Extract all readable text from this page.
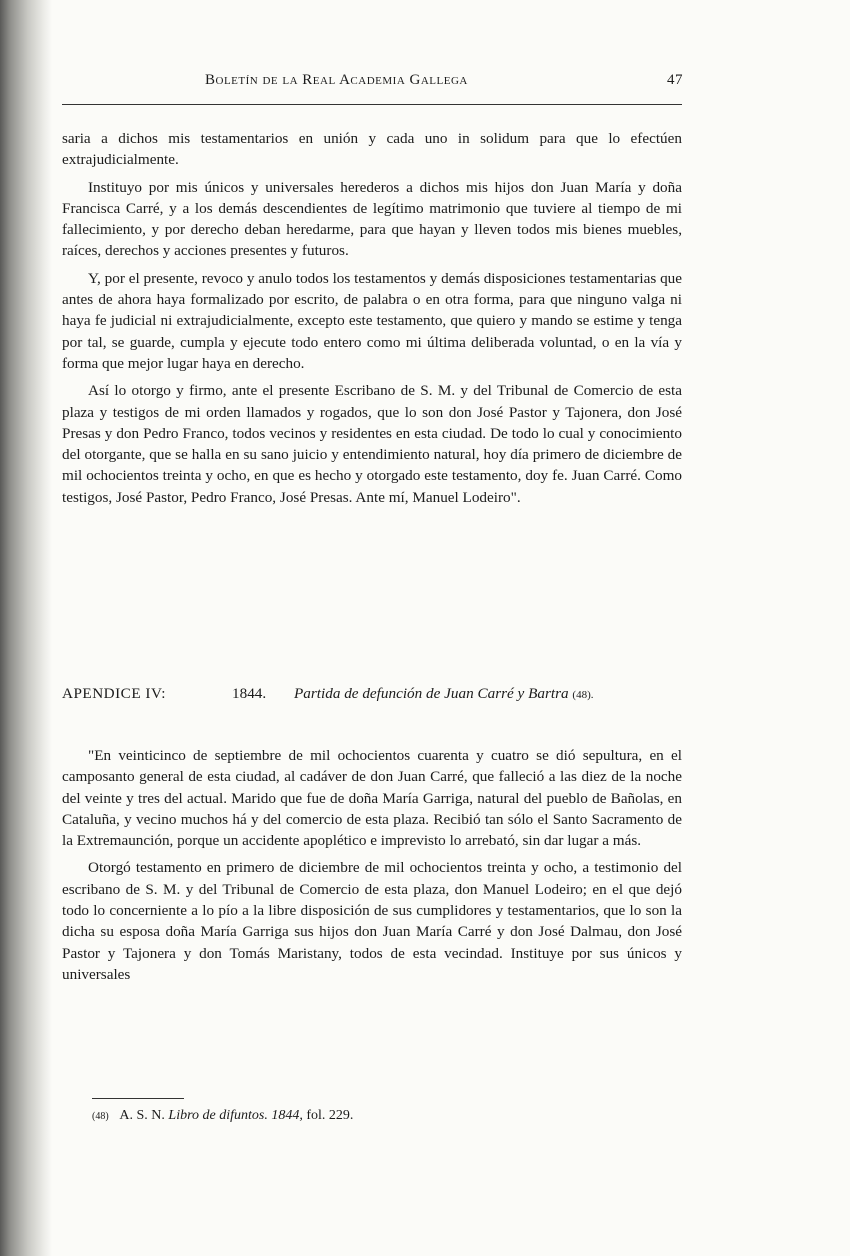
Boletín de la Real Academia Gallega	47

saria a dichos mis testamentarios en unión y cada uno in solidum para que lo efectúen extrajudicialmente.

Instituyo por mis únicos y universales herederos a dichos mis hijos don Juan María y doña Francisca Carré, y a los demás descendientes de legítimo matrimonio que tuviere al tiempo de mi fallecimiento, y por derecho deban heredarme, para que hayan y lleven todos mis bienes muebles, raíces, derechos y acciones presentes y futuros.

Y, por el presente, revoco y anulo todos los testamentos y demás disposiciones testamentarias que antes de ahora haya formalizado por escrito, de palabra o en otra forma, para que ninguno valga ni haya fe judicial ni extrajudicialmente, excepto este testamento, que quiero y mando se estime y tenga por tal, se guarde, cumpla y ejecute todo entero como mi última deliberada voluntad, o en la vía y forma que mejor lugar haya en derecho.

Así lo otorgo y firmo, ante el presente Escribano de S. M. y del Tribunal de Comercio de esta plaza y testigos de mi orden llamados y rogados, que lo son don José Pastor y Tajonera, don José Presas y don Pedro Franco, todos vecinos y residentes en esta ciudad. De todo lo cual y conocimiento del otorgante, que se halla en su sano juicio y entendimiento natural, hoy día primero de diciembre de mil ochocientos treinta y ocho, en que es hecho y otorgado este testamento, doy fe. Juan Carré. Como testigos, José Pastor, Pedro Franco, José Presas. Ante mí, Manuel Lodeiro".

APENDICE IV:	1844. Partida de defunción de Juan Carré y Bartra (48).

"En veinticinco de septiembre de mil ochocientos cuarenta y cuatro se dió sepultura, en el camposanto general de esta ciudad, al cadáver de don Juan Carré, que falleció a las diez de la noche del veinte y tres del actual. Marido que fue de doña María Garriga, natural del pueblo de Bañolas, en Cataluña, y vecino muchos há y del comercio de esta plaza. Recibió tan sólo el Santo Sacramento de la Extremaunción, porque un accidente apoplético e imprevisto lo arrebató, sin dar lugar a más.

Otorgó testamento en primero de diciembre de mil ochocientos treinta y ocho, a testimonio del escribano de S. M. y del Tribunal de Comercio de esta plaza, don Manuel Lodeiro; en el que dejó todo lo concerniente a lo pío a la libre disposición de sus cumplidores y testamentarios, que lo son la dicha su esposa doña María Garriga sus hijos don Juan María Carré y don José Dalmau, don José Pastor y Tajonera y don Tomás Maristany, todos de esta vecindad. Instituye por sus únicos y universales

(48) A. S. N. Libro de difuntos. 1844, fol. 229.
